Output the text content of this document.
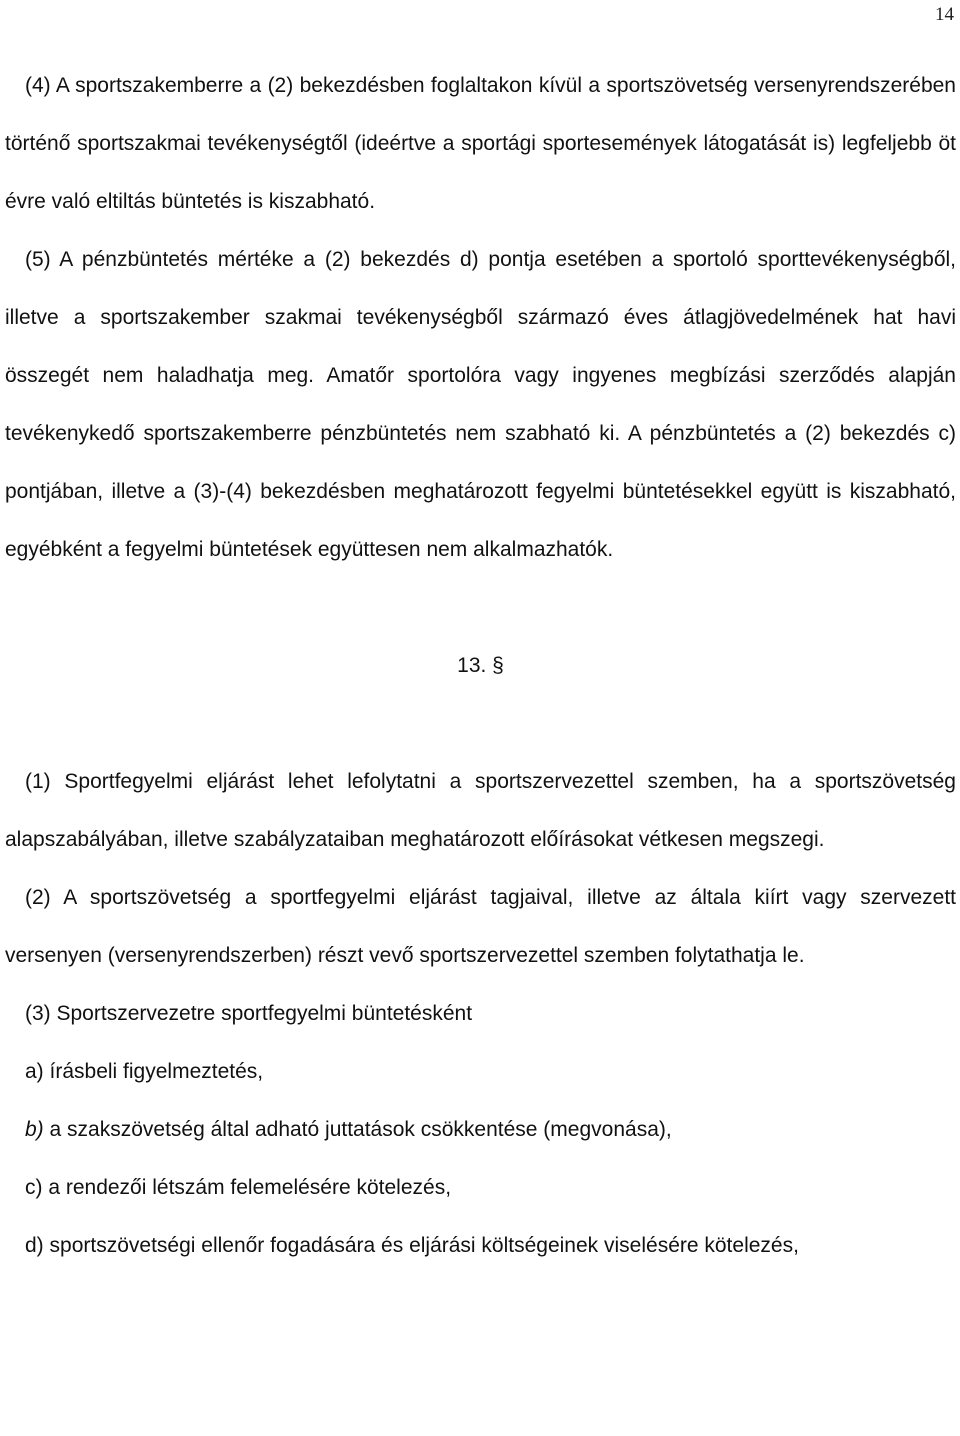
14

(4) A sportszakemberre a (2) bekezdésben foglaltakon kívül a sportszövetség versenyrendszerében történő sportszakmai tevékenységtől (ideértve a sportági sportesemények látogatását is) legfeljebb öt évre való eltiltás büntetés is kiszabható.

(5) A pénzbüntetés mértéke a (2) bekezdés d) pontja esetében a sportoló sporttevékenységből, illetve a sportszakember szakmai tevékenységből származó éves átlagjövedelmének hat havi összegét nem haladhatja meg. Amatőr sportolóra vagy ingyenes megbízási szerződés alapján tevékenykedő sportszakemberre pénzbüntetés nem szabható ki. A pénzbüntetés a (2) bekezdés c) pontjában, illetve a (3)-(4) bekezdésben meghatározott fegyelmi büntetésekkel együtt is kiszabható, egyébként a fegyelmi büntetések együttesen nem alkalmazhatók.

13. §

(1) Sportfegyelmi eljárást lehet lefolytatni a sportszervezettel szemben, ha a sportszövetség alapszabályában, illetve szabályzataiban meghatározott előírásokat vétkesen megszegi.

(2) A sportszövetség a sportfegyelmi eljárást tagjaival, illetve az általa kiírt vagy szervezett versenyen (versenyrendszerben) részt vevő sportszervezettel szemben folytathatja le.

(3) Sportszervezetre sportfegyelmi büntetésként

a) írásbeli figyelmeztetés,

b) a szakszövetség által adható juttatások csökkentése (megvonása),

c) a rendezői létszám felemelésére kötelezés,

d) sportszövetségi ellenőr fogadására és eljárási költségeinek viselésére kötelezés,
